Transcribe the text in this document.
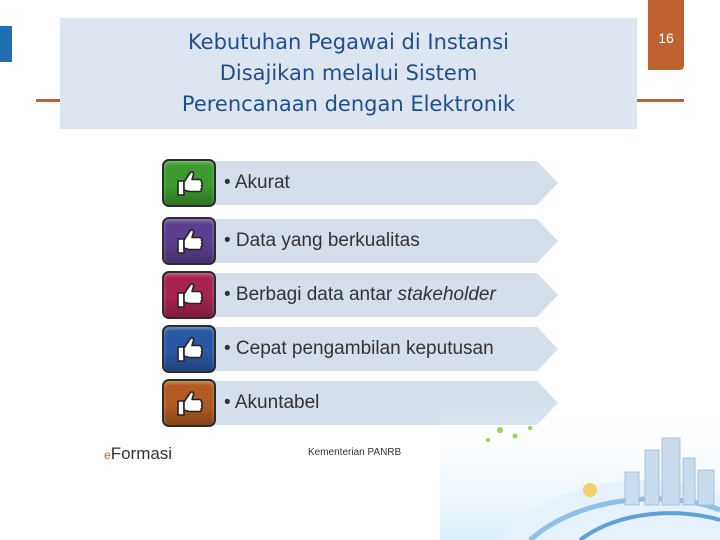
Kebutuhan Pegawai di Instansi
Disajikan melalui Sistem
Perencanaan dengan Elektronik
16
• Akurat
• Data yang berkualitas
• Berbagi data antar stakeholder
• Cepat pengambilan keputusan
• Akuntabel
eFormasi	Kementerian PANRB
